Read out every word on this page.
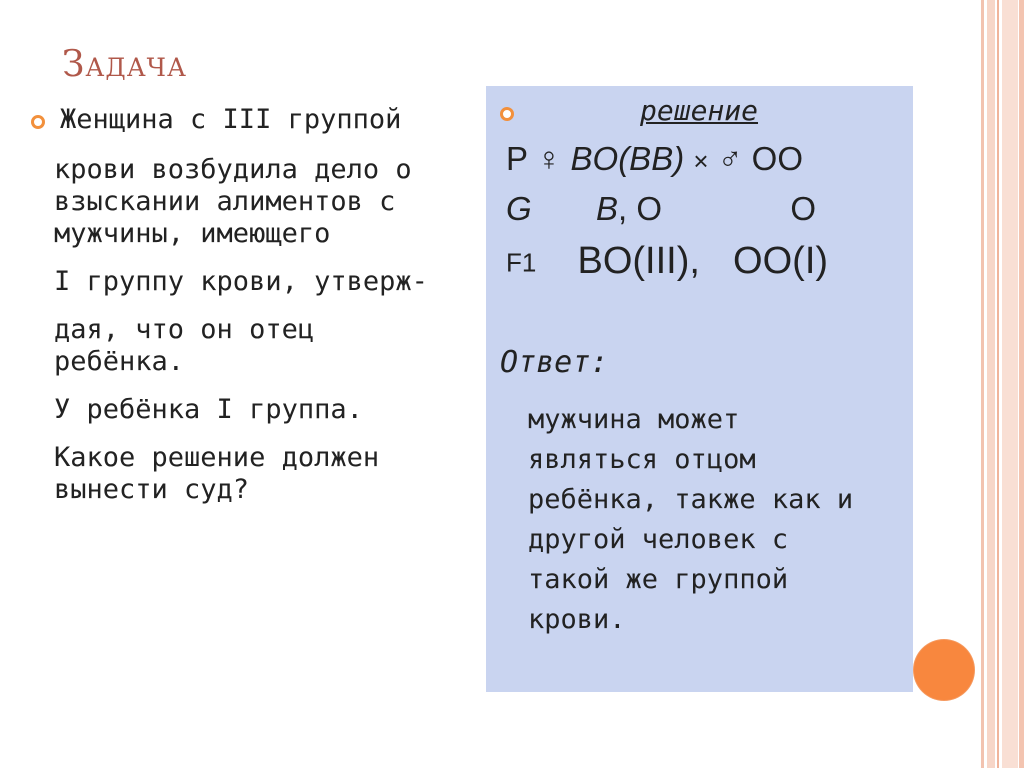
Задача

Женщина с III группой

крови возбудила дело о

взыскании алиментов с

мужчины, имеющего

I группу крови, утверж-

дая, что он отец

ребёнка.

У ребёнка I группа.

Какое решение должен

вынести суд?

решение
P ♀ BO(BB) × ♂ OO
G B, O	O
F1 BO(III), OO(I)
Ответ:

мужчина может

являться отцом

ребёнка, также как и

другой человек с

такой же группой

крови.
